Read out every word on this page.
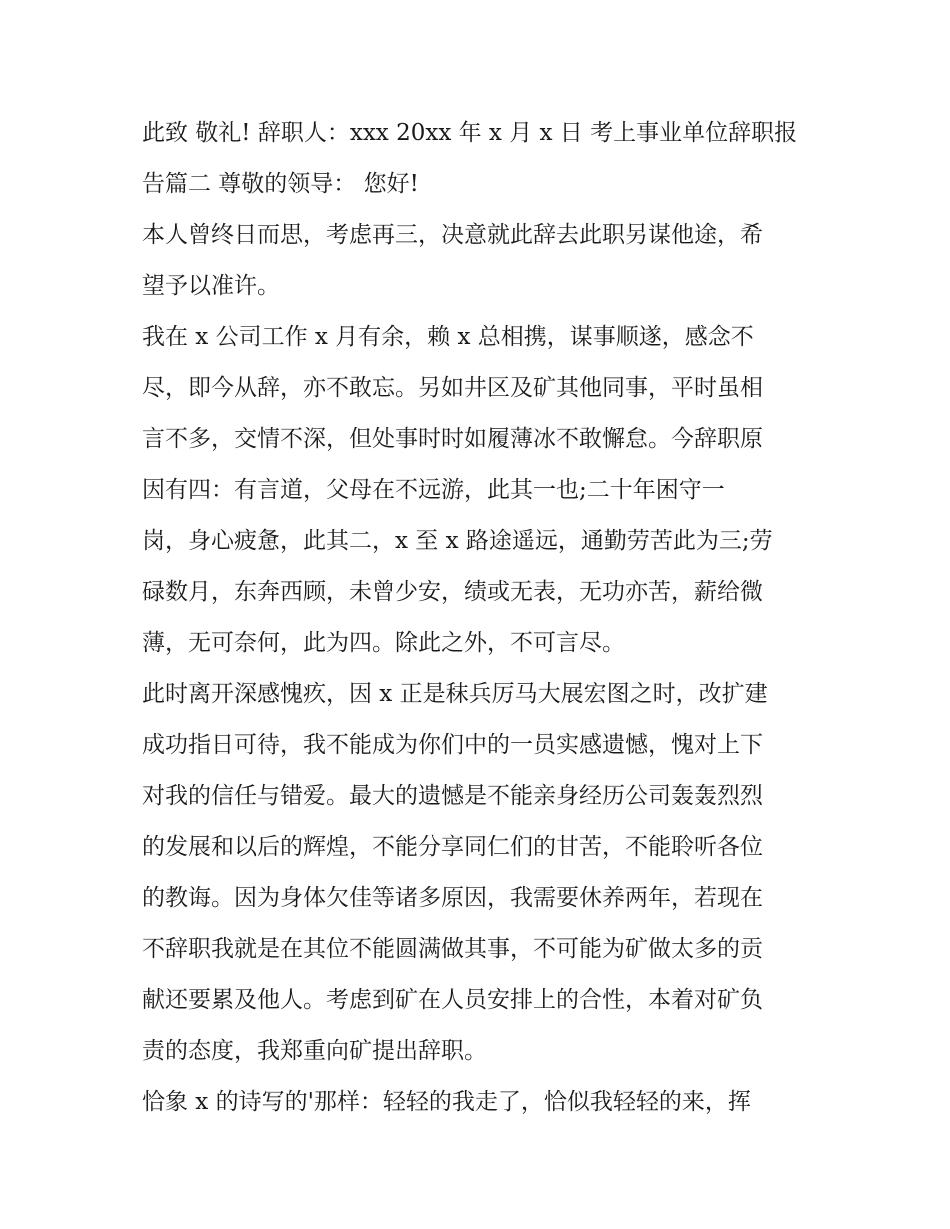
此致 敬礼! 辞职人：xxx 20xx 年 x 月 x 日 考上事业单位辞职报
告篇二 尊敬的领导： 您好!
本人曾终日而思，考虑再三，决意就此辞去此职另谋他途，希
望予以准许。
我在 x 公司工作 x 月有余，赖 x 总相携，谋事顺遂，感念不
尽，即今从辞，亦不敢忘。另如井区及矿其他同事，平时虽相
言不多，交情不深，但处事时时如履薄冰不敢懈怠。今辞职原
因有四：有言道，父母在不远游，此其一也;二十年困守一
岗，身心疲惫，此其二，x 至 x 路途遥远，通勤劳苦此为三;劳
碌数月，东奔西顾，未曾少安，绩或无表，无功亦苦，薪给微
薄，无可奈何，此为四。除此之外，不可言尽。
此时离开深感愧疚，因 x 正是秣兵厉马大展宏图之时，改扩建
成功指日可待，我不能成为你们中的一员实感遗憾，愧对上下
对我的信任与错爱。最大的遗憾是不能亲身经历公司轰轰烈烈
的发展和以后的辉煌，不能分享同仁们的甘苦，不能聆听各位
的教诲。因为身体欠佳等诸多原因，我需要休养两年，若现在
不辞职我就是在其位不能圆满做其事，不可能为矿做太多的贡
献还要累及他人。考虑到矿在人员安排上的合性，本着对矿负
责的态度，我郑重向矿提出辞职。
恰象 x 的诗写的'那样：轻轻的我走了，恰似我轻轻的来，挥
